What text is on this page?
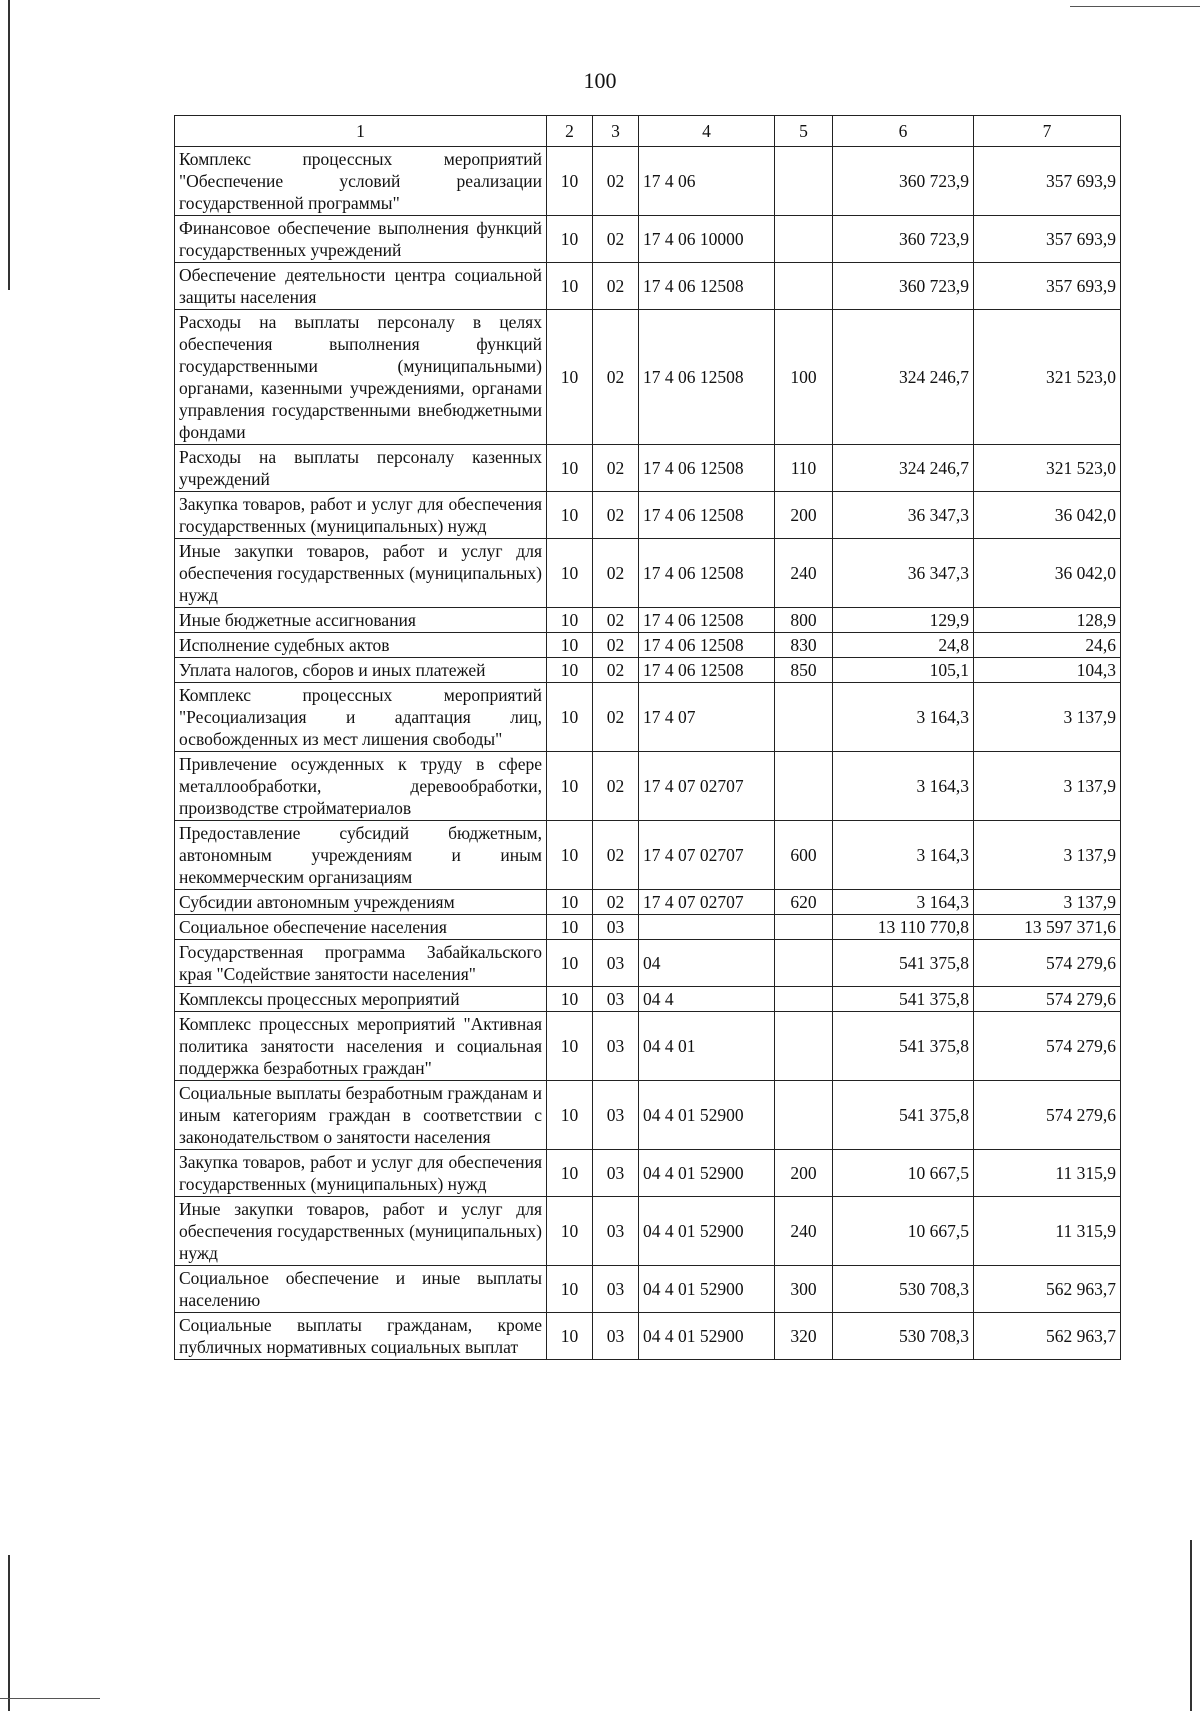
100
1	2	3	4	5	6	7
Комплекс процессных мероприятий "Обеспечение условий реализации государственной программы"	10	02	17 4 06		360 723,9	357 693,9
Финансовое обеспечение выполнения функций государственных учреждений	10	02	17 4 06 10000		360 723,9	357 693,9
Обеспечение деятельности центра социальной защиты населения	10	02	17 4 06 12508		360 723,9	357 693,9
Расходы на выплаты персоналу в целях обеспечения выполнения функций государственными (муниципальными) органами, казенными учреждениями, органами управления государственными внебюджетными фондами	10	02	17 4 06 12508	100	324 246,7	321 523,0
Расходы на выплаты персоналу казенных учреждений	10	02	17 4 06 12508	110	324 246,7	321 523,0
Закупка товаров, работ и услуг для обеспечения государственных (муниципальных) нужд	10	02	17 4 06 12508	200	36 347,3	36 042,0
Иные закупки товаров, работ и услуг для обеспечения государственных (муниципальных) нужд	10	02	17 4 06 12508	240	36 347,3	36 042,0
Иные бюджетные ассигнования	10	02	17 4 06 12508	800	129,9	128,9
Исполнение судебных актов	10	02	17 4 06 12508	830	24,8	24,6
Уплата налогов, сборов и иных платежей	10	02	17 4 06 12508	850	105,1	104,3
Комплекс процессных мероприятий "Ресоциализация и адаптация лиц, освобожденных из мест лишения свободы"	10	02	17 4 07		3 164,3	3 137,9
Привлечение осужденных к труду в сфере металлообработки, деревообработки, производстве стройматериалов	10	02	17 4 07 02707		3 164,3	3 137,9
Предоставление субсидий бюджетным, автономным учреждениям и иным некоммерческим организациям	10	02	17 4 07 02707	600	3 164,3	3 137,9
Субсидии автономным учреждениям	10	02	17 4 07 02707	620	3 164,3	3 137,9
Социальное обеспечение населения	10	03			13 110 770,8	13 597 371,6
Государственная программа Забайкальского края "Содействие занятости населения"	10	03	04		541 375,8	574 279,6
Комплексы процессных мероприятий	10	03	04 4		541 375,8	574 279,6
Комплекс процессных мероприятий "Активная политика занятости населения и социальная поддержка безработных граждан"	10	03	04 4 01		541 375,8	574 279,6
Социальные выплаты безработным гражданам и иным категориям граждан в соответствии с законодательством о занятости населения	10	03	04 4 01 52900		541 375,8	574 279,6
Закупка товаров, работ и услуг для обеспечения государственных (муниципальных) нужд	10	03	04 4 01 52900	200	10 667,5	11 315,9
Иные закупки товаров, работ и услуг для обеспечения государственных (муниципальных) нужд	10	03	04 4 01 52900	240	10 667,5	11 315,9
Социальное обеспечение и иные выплаты населению	10	03	04 4 01 52900	300	530 708,3	562 963,7
Социальные выплаты гражданам, кроме публичных нормативных социальных выплат	10	03	04 4 01 52900	320	530 708,3	562 963,7
